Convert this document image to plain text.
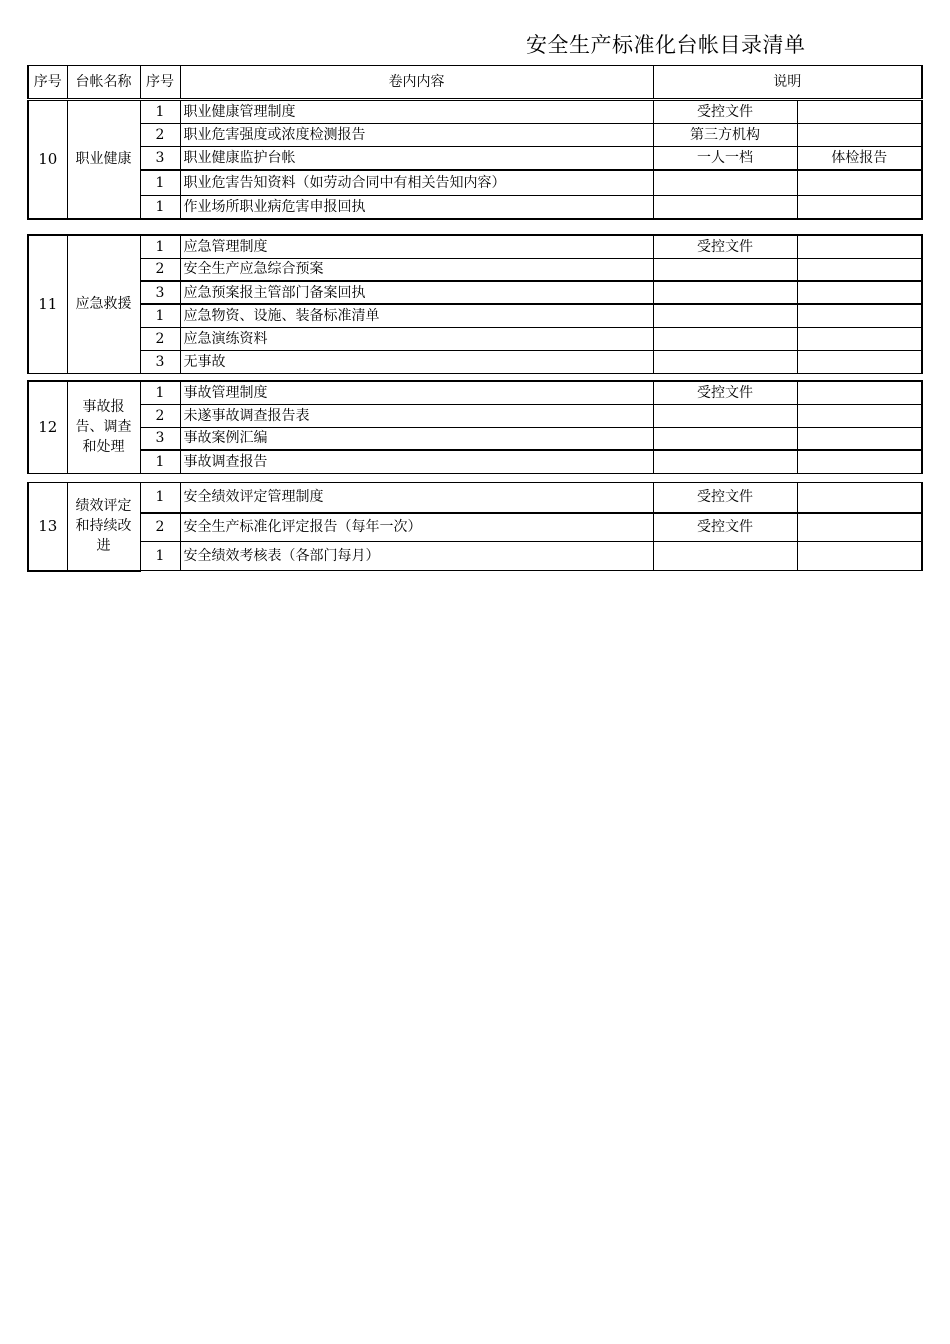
安全生产标准化台帐目录清单
序号	台帐名称	序号	卷内内容	说明
10	职业健康	1	职业健康管理制度	受控文件	
		2	职业危害强度或浓度检测报告	第三方机构	
		3	职业健康监护台帐	一人一档	体检报告
		1	职业危害告知资料（如劳动合同中有相关告知内容）		
		1	作业场所职业病危害申报回执		
11	应急救援	1	应急管理制度	受控文件	
		2	安全生产应急综合预案		
		3	应急预案报主管部门备案回执		
		1	应急物资、设施、装备标准清单		
		2	应急演练资料		
		3	无事故		
12	事故报告、调查和处理	1	事故管理制度	受控文件	
		2	未遂事故调查报告表		
		3	事故案例汇编		
		1	事故调查报告		
13	绩效评定和持续改进	1	安全绩效评定管理制度	受控文件	
		2	安全生产标准化评定报告（每年一次）	受控文件	
		1	安全绩效考核表（各部门每月）		
